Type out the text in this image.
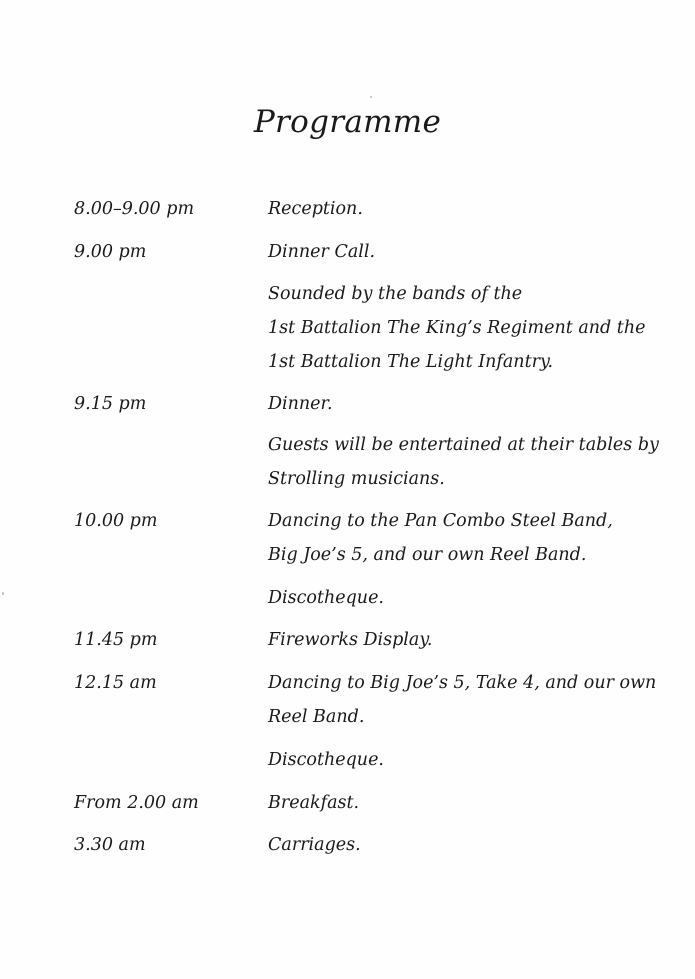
Programme
8.00–9.00 pm	Reception.
9.00 pm	Dinner Call.
Sounded by the bands of the
1st Battalion The King’s Regiment and the
1st Battalion The Light Infantry.
9.15 pm	Dinner.
Guests will be entertained at their tables by
Strolling musicians.
10.00 pm	Dancing to the Pan Combo Steel Band,
Big Joe’s 5, and our own Reel Band.
Discotheque.
11.45 pm	Fireworks Display.
12.15 am	Dancing to Big Joe’s 5, Take 4, and our own
Reel Band.
Discotheque.
From 2.00 am	Breakfast.
3.30 am	Carriages.
